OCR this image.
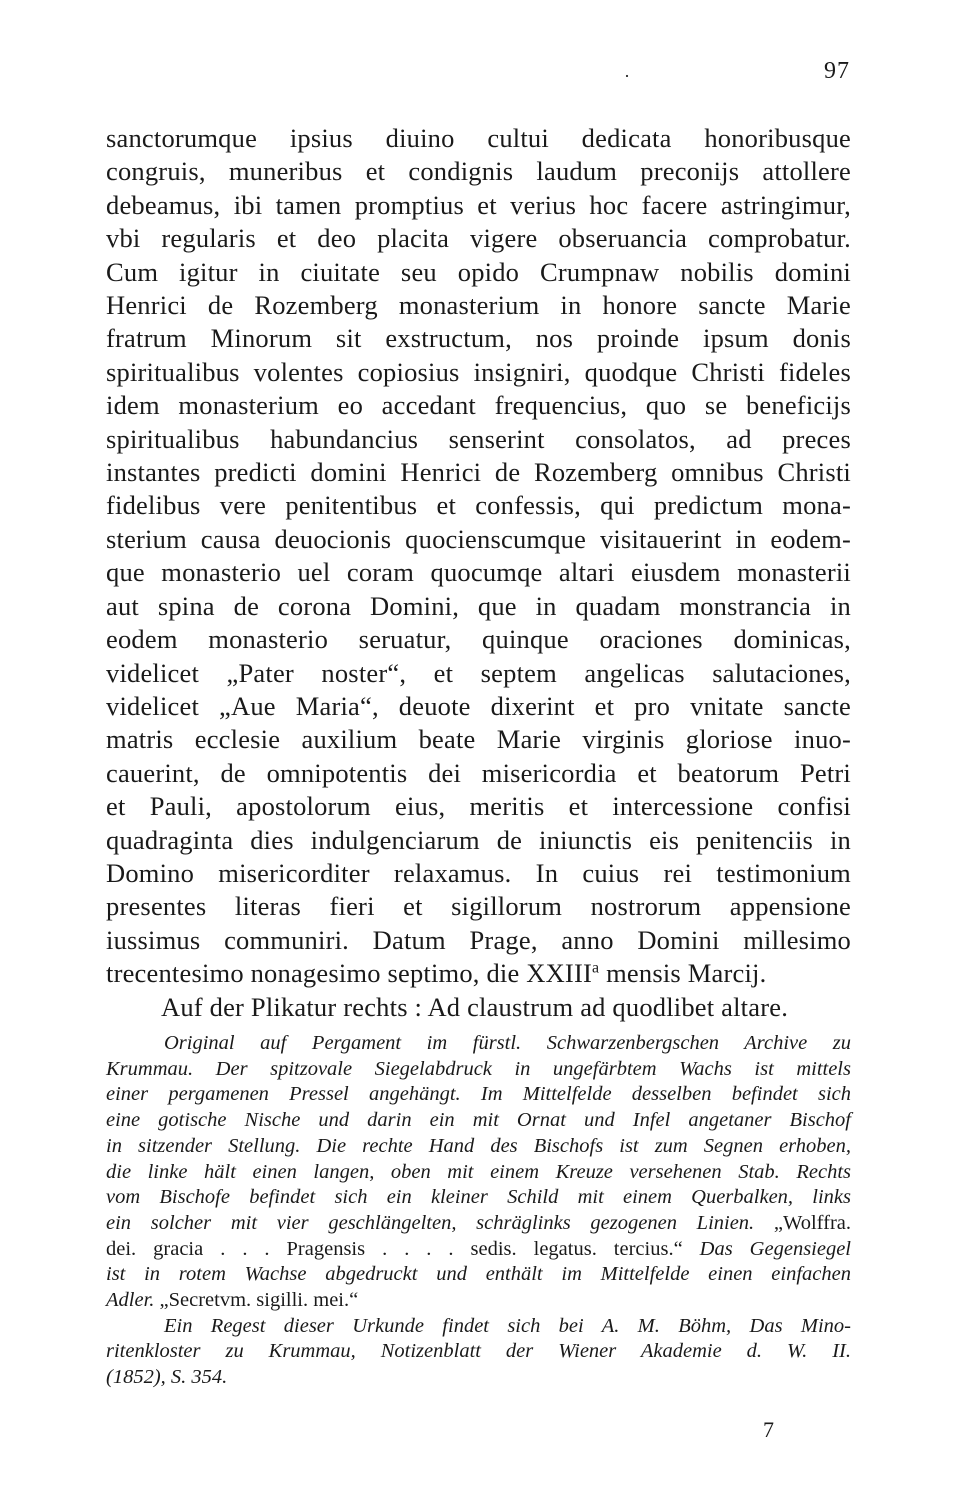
·	97
sanctorumque ipsius diuino cultui dedicata honoribusque
congruis, muneribus et condignis laudum preconijs attollere
debeamus, ibi tamen promptius et verius hoc facere astringimur,
vbi regularis et deo placita vigere obseruancia comprobatur.
Cum igitur in ciuitate seu opido Crumpnaw nobilis domini
Henrici de Rozemberg monasterium in honore sancte Marie
fratrum Minorum sit exstructum, nos proinde ipsum donis
spiritualibus volentes copiosius insigniri, quodque Christi fideles
idem monasterium eo accedant frequencius, quo se beneficijs
spiritualibus habundancius senserint consolatos, ad preces
instantes predicti domini Henrici de Rozemberg omnibus Christi
fidelibus vere penitentibus et confessis, qui predictum mona-
sterium causa deuocionis quocienscumque visitauerint in eodem-
que monasterio uel coram quocumqe altari eiusdem monasterii
aut spina de corona Domini, que in quadam monstrancia in
eodem monasterio seruatur, quinque oraciones dominicas,
videlicet „Pater noster“, et septem angelicas salutaciones,
videlicet „Aue Maria“, deuote dixerint et pro vnitate sancte
matris ecclesie auxilium beate Marie virginis gloriose inuo-
cauerint, de omnipotentis dei misericordia et beatorum Petri
et Pauli, apostolorum eius, meritis et intercessione confisi
quadraginta dies indulgenciarum de iniunctis eis penitenciis in
Domino misericorditer relaxamus. In cuius rei testimonium
presentes literas fieri et sigillorum nostrorum appensione
iussimus communiri. Datum Prage, anno Domini millesimo
trecentesimo nonagesimo septimo, die XXIII$^a$ mensis Marcij.
Auf der Plikatur rechts : Ad claustrum ad quodlibet altare.
Original auf Pergament im fürstl. Schwarzenbergschen Archive zu
Krummau. Der spitzovale Siegelabdruck in ungefärbtem Wachs ist mittels
einer pergamenen Pressel angehängt. Im Mittelfelde desselben befindet sich
eine gotische Nische und darin ein mit Ornat und Infel angetaner Bischof
in sitzender Stellung. Die rechte Hand des Bischofs ist zum Segnen erhoben,
die linke hält einen langen, oben mit einem Kreuze versehenen Stab. Rechts
vom Bischofe befindet sich ein kleiner Schild mit einem Querbalken, links
ein solcher mit vier geschlängelten, schräglinks gezogenen Linien. „Wolffra.
dei. gracia . . . Pragensis . . . . sedis. legatus. tercius.“ Das Gegensiegel
ist in rotem Wachse abgedruckt und enthält im Mittelfelde einen einfachen
Adler. „Secretvm. sigilli. mei.“
Ein Regest dieser Urkunde findet sich bei A. M. Böhm, Das Mino-
ritenkloster zu Krummau, Notizenblatt der Wiener Akademie d. W. II.
(1852), S. 354.
7
